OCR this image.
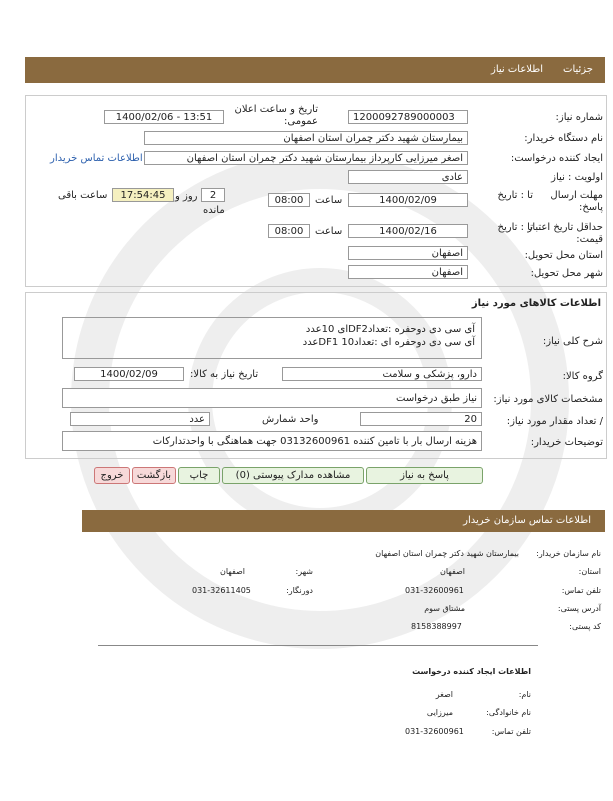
جزئیات
اطلاعات نیاز
شماره نیاز:
1200092789000003
تاریخ و ساعت اعلان عمومی:
1400/02/06 - 13:51
نام دستگاه خریدار:
بیمارستان شهید دکتر چمران استان اصفهان
ایجاد کننده درخواست:
اصغر میرزایی کارپرداز بیمارستان شهید دکتر چمران استان اصفهان
اطلاعات تماس خریدار
اولویت : نیاز
عادی
مهلت ارسال پاسخ:
تا : تاریخ
1400/02/09
ساعت
08:00
2
روز و
مانده
17:54:45
ساعت باقی
حداقل تاریخ اعتبار قیمت:
تا : تاریخ
1400/02/16
ساعت
08:00
استان محل تحویل:
اصفهان
شهر محل تحویل:
اصفهان
اطلاعات کالاهای مورد نیاز
شرح کلی نیاز:
آی سی دی دوحفره :تعدادDF2ای 10عدد
آی سی دی دوحفره ای :تعداد10 DF1عدد
گروه کالا:
دارو، پزشکی و سلامت
تاریخ نیاز به کالا:
1400/02/09
مشخصات کالای مورد نیاز:
نیاز طبق درخواست
/ تعداد مقدار مورد نیاز:
20
واحد شمارش
عدد
توضیحات خریدار:
هزینه ارسال بار با تامین کننده 03132600961 جهت هماهنگی با واحدتدارکات
پاسخ به نیاز
مشاهده مدارک پیوستی (0)
چاپ
بازگشت
خروج
اطلاعات تماس سازمان خریدار
نام سازمان خریدار:
بیمارستان شهید دکتر چمران استان اصفهان
استان:
اصفهان
شهر:
اصفهان
تلفن تماس:
031-32600961
دورنگار:
031-32611405
آدرس پستی:
مشتاق سوم
کد پستی:
8158388997
اطلاعات ایجاد کننده درخواست
نام:
اصغر
نام خانوادگی:
میرزایی
تلفن تماس:
031-32600961
